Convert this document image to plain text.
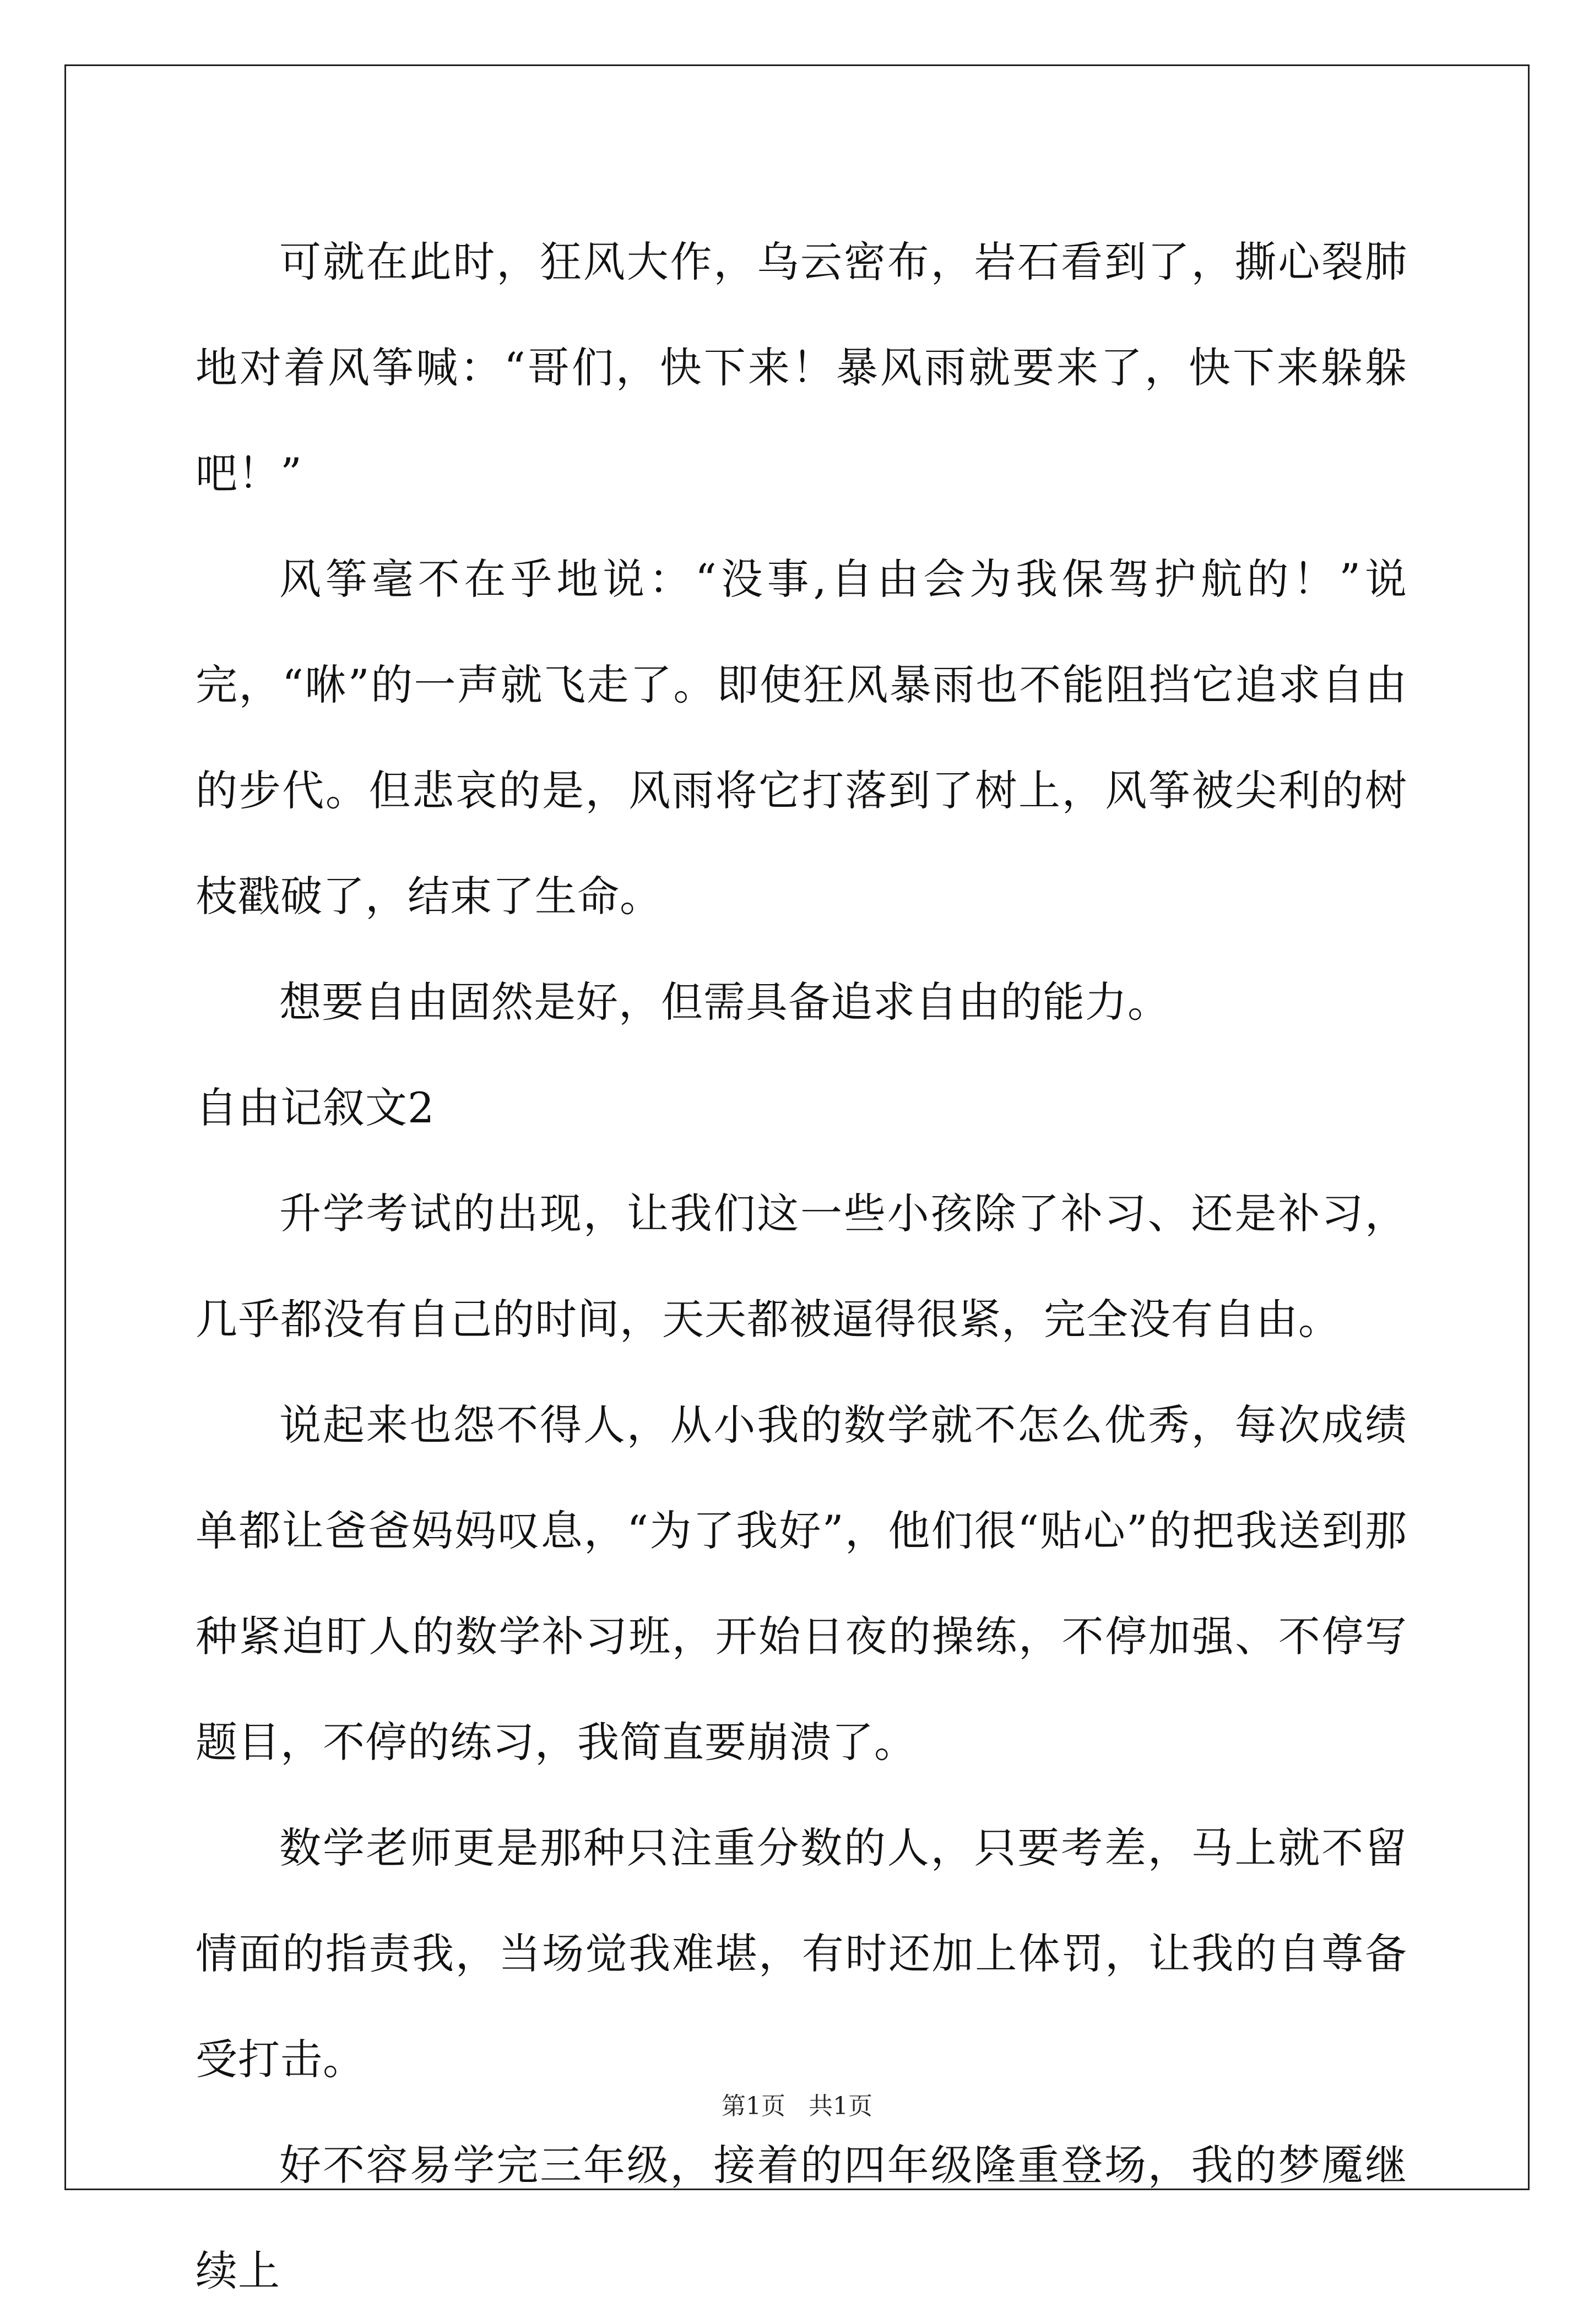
可就在此时，狂风大作，乌云密布，岩石看到了，撕心裂肺地对着风筝喊：“哥们，快下来！暴风雨就要来了，快下来躲躲吧！”

风筝毫不在乎地说：“没事,自由会为我保驾护航的！”说完，“咻”的一声就飞走了。即使狂风暴雨也不能阻挡它追求自由的步代。但悲哀的是，风雨将它打落到了树上，风筝被尖利的树枝戳破了，结束了生命。

想要自由固然是好，但需具备追求自由的能力。

自由记叙文2

升学考试的出现，让我们这一些小孩除了补习、还是补习，几乎都没有自己的时间，天天都被逼得很紧，完全没有自由。

说起来也怨不得人，从小我的数学就不怎么优秀，每次成绩单都让爸爸妈妈叹息，“为了我好”，他们很“贴心”的把我送到那种紧迫盯人的数学补习班，开始日夜的操练，不停加强、不停写题目，不停的练习，我简直要崩溃了。

数学老师更是那种只注重分数的人，只要考差，马上就不留情面的指责我，当场觉我难堪，有时还加上体罚，让我的自尊备受打击。

好不容易学完三年级，接着的四年级隆重登场，我的梦魇继续上

第1页 共1页
